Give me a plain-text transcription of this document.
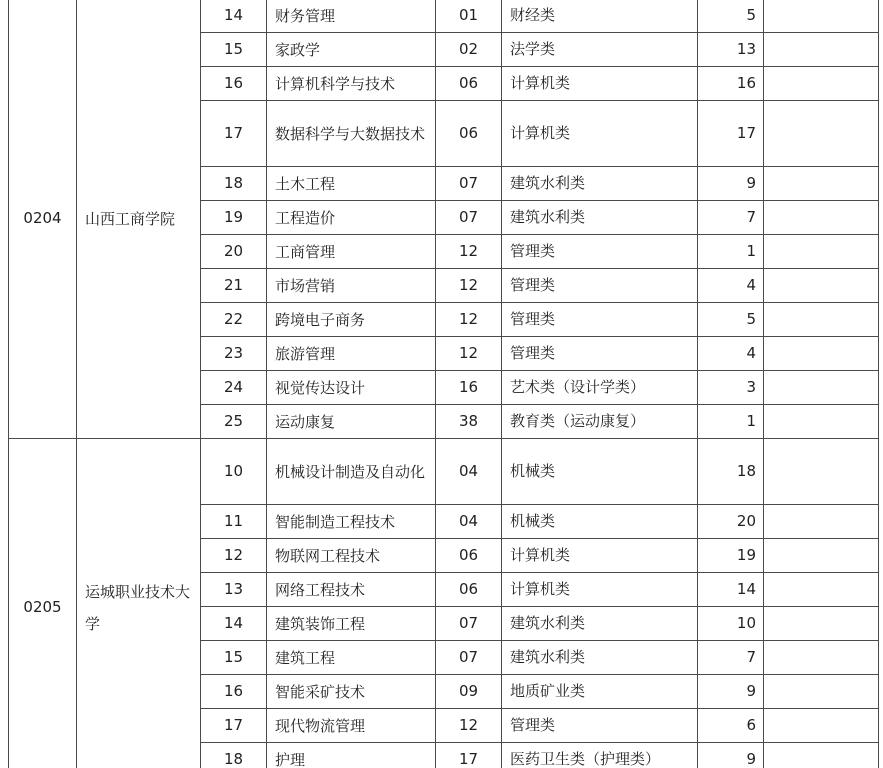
0204	山西工商学院	14	财务管理	01	财经类	5	
		15	家政学	02	法学类	13	
		16	计算机科学与技术	06	计算机类	16	
		17	数据科学与大数据技术	06	计算机类	17	
		18	土木工程	07	建筑水利类	9	
		19	工程造价	07	建筑水利类	7	
		20	工商管理	12	管理类	1	
		21	市场营销	12	管理类	4	
		22	跨境电子商务	12	管理类	5	
		23	旅游管理	12	管理类	4	
		24	视觉传达设计	16	艺术类（设计学类）	3	
		25	运动康复	38	教育类（运动康复）	1	
0205	运城职业技术大学	10	机械设计制造及自动化	04	机械类	18	
		11	智能制造工程技术	04	机械类	20	
		12	物联网工程技术	06	计算机类	19	
		13	网络工程技术	06	计算机类	14	
		14	建筑装饰工程	07	建筑水利类	10	
		15	建筑工程	07	建筑水利类	7	
		16	智能采矿技术	09	地质矿业类	9	
		17	现代物流管理	12	管理类	6	
		18	护理	17	医药卫生类（护理类）	9	
